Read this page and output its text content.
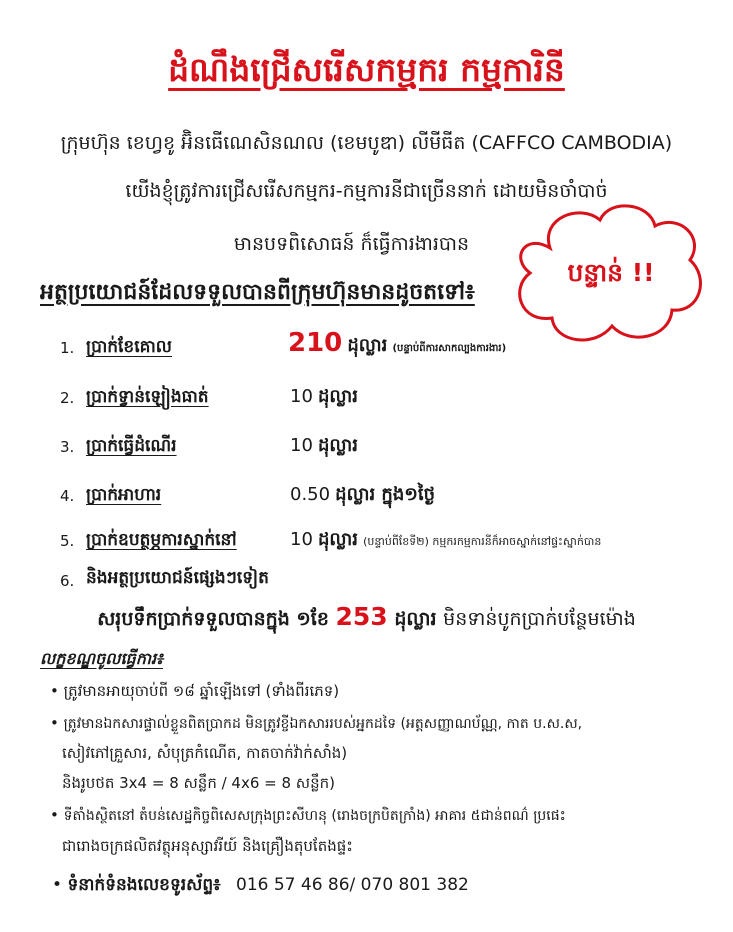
ដំណឹងជ្រើសរើសកម្មករ កម្មការិនី
ក្រុមហ៊ុន ខេហ្វខូ អ៊ិនធើណេសិនណល (ខេមបូឌា) លីមីធីត (CAFFCO CAMBODIA)
យើងខ្ញុំត្រូវការជ្រើសរើសកម្មករ-កម្មការនីជាច្រើននាក់ ដោយមិនចាំបាច់
មានបទពិសោធន៍ ក៏ធ្វើការងារបាន
បន្ទាន់ !!
អត្ថប្រយោជន៍ដែលទទួលបានពីក្រុមហ៊ុនមានដូចតទៅ៖
1. ប្រាក់ខែគោល	210 ដុល្លារ (បន្ទាប់ពីការសាកល្បងការងារ)
2. ប្រាក់ទ្វាន់ឡៀងធាត់	10 ដុល្លារ
3. ប្រាក់ធ្វើដំណើរ	10 ដុល្លារ
4. ប្រាក់អាហារ	0.50 ដុល្លារ ក្នុង១ថ្ងៃ
5. ប្រាក់ឧបត្ថម្ភការស្នាក់នៅ	10 ដុល្លារ (បន្ទាប់ពីខែទី២) កម្មករកម្មការនីក៏អាចស្នាក់នៅផ្ទះស្នាក់បាន
6. និងអត្ថប្រយោជន៍ផ្សេងៗទៀត
សរុបទឹកប្រាក់ទទួលបានក្នុង ១ខែ 253 ដុល្លារ មិនទាន់បូកប្រាក់បន្ថែមម៉ោង
លក្ខខណ្ឌចូលធ្វើការ៖
• ត្រូវមានអាយុចាប់ពី ១៨ ឆ្នាំឡើងទៅ (ទាំងពីរភេទ)
• ត្រូវមានឯកសារផ្ទាល់ខ្លួនពិតប្រាកដ មិនត្រូវខ្ចីឯកសាររបស់អ្នកដទៃ (អត្តសញ្ញាណប័ណ្ណ, កាត ប.ស.ស,
សៀវភៅគ្រួសារ, សំបុត្រកំណើត, កាតចាក់វ៉ាក់សាំង)
និងរូបថត 3x4 = 8 សន្លឹក / 4x6 = 8 សន្លឹក)
• ទីតាំងស្ថិតនៅ តំបន់សេដ្ឋកិច្ចពិសេសក្រុងព្រះសីហនុ (រោងចក្របិតក្រាំង) អាគារ ៥ជាន់ពណ៌ ប្រផេះ
ជារោងចក្រផលិតវត្ថុអនុស្សាវរីយ៍ និងគ្រឿងតុបតែងផ្ទះ
• ទំនាក់ទំនងលេខទូរស័ព្ទ៖ 016 57 46 86/ 070 801 382
